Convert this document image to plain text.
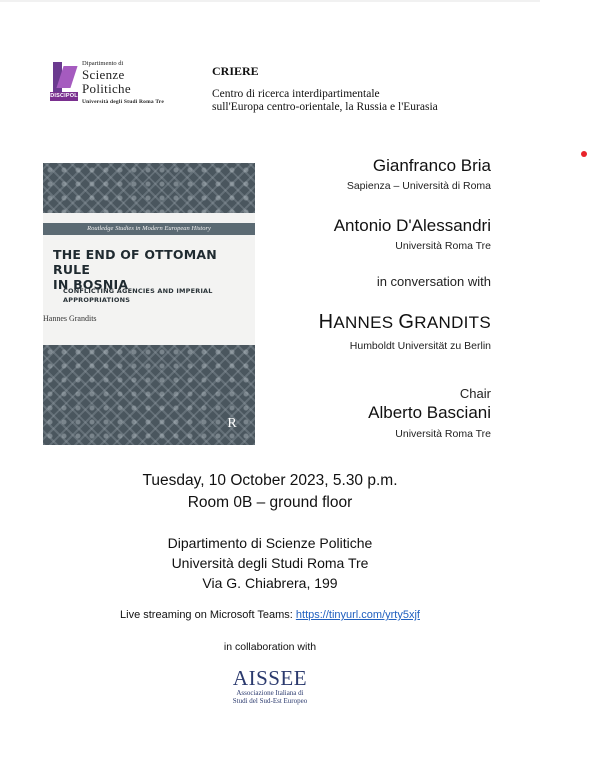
DISCIPOL
Dipartimento di
Scienze
Politiche
Università degli Studi Roma Tre
CRIERE
Centro di ricerca interdipartimentale
sull'Europa centro-orientale, la Russia e l'Eurasia
Routledge Studies in Modern European History
THE END OF OTTOMAN RULE
IN BOSNIA
CONFLICTING AGENCIES AND IMPERIAL
APPROPRIATIONS
Hannes Grandits
R
Gianfranco Bria
Sapienza – Università di Roma
Antonio D'Alessandri
Università Roma Tre
in conversation with
HANNES GRANDITS
Humboldt Universität zu Berlin
Chair
Alberto Basciani
Università Roma Tre
Tuesday, 10 October 2023, 5.30 p.m.
Room 0B – ground floor
Dipartimento di Scienze Politiche
Università degli Studi Roma Tre
Via G. Chiabrera, 199
Live streaming on Microsoft Teams: https://tinyurl.com/yrty5xjf
in collaboration with
AISSEE
Associazione Italiana di
Studi del Sud-Est Europeo
